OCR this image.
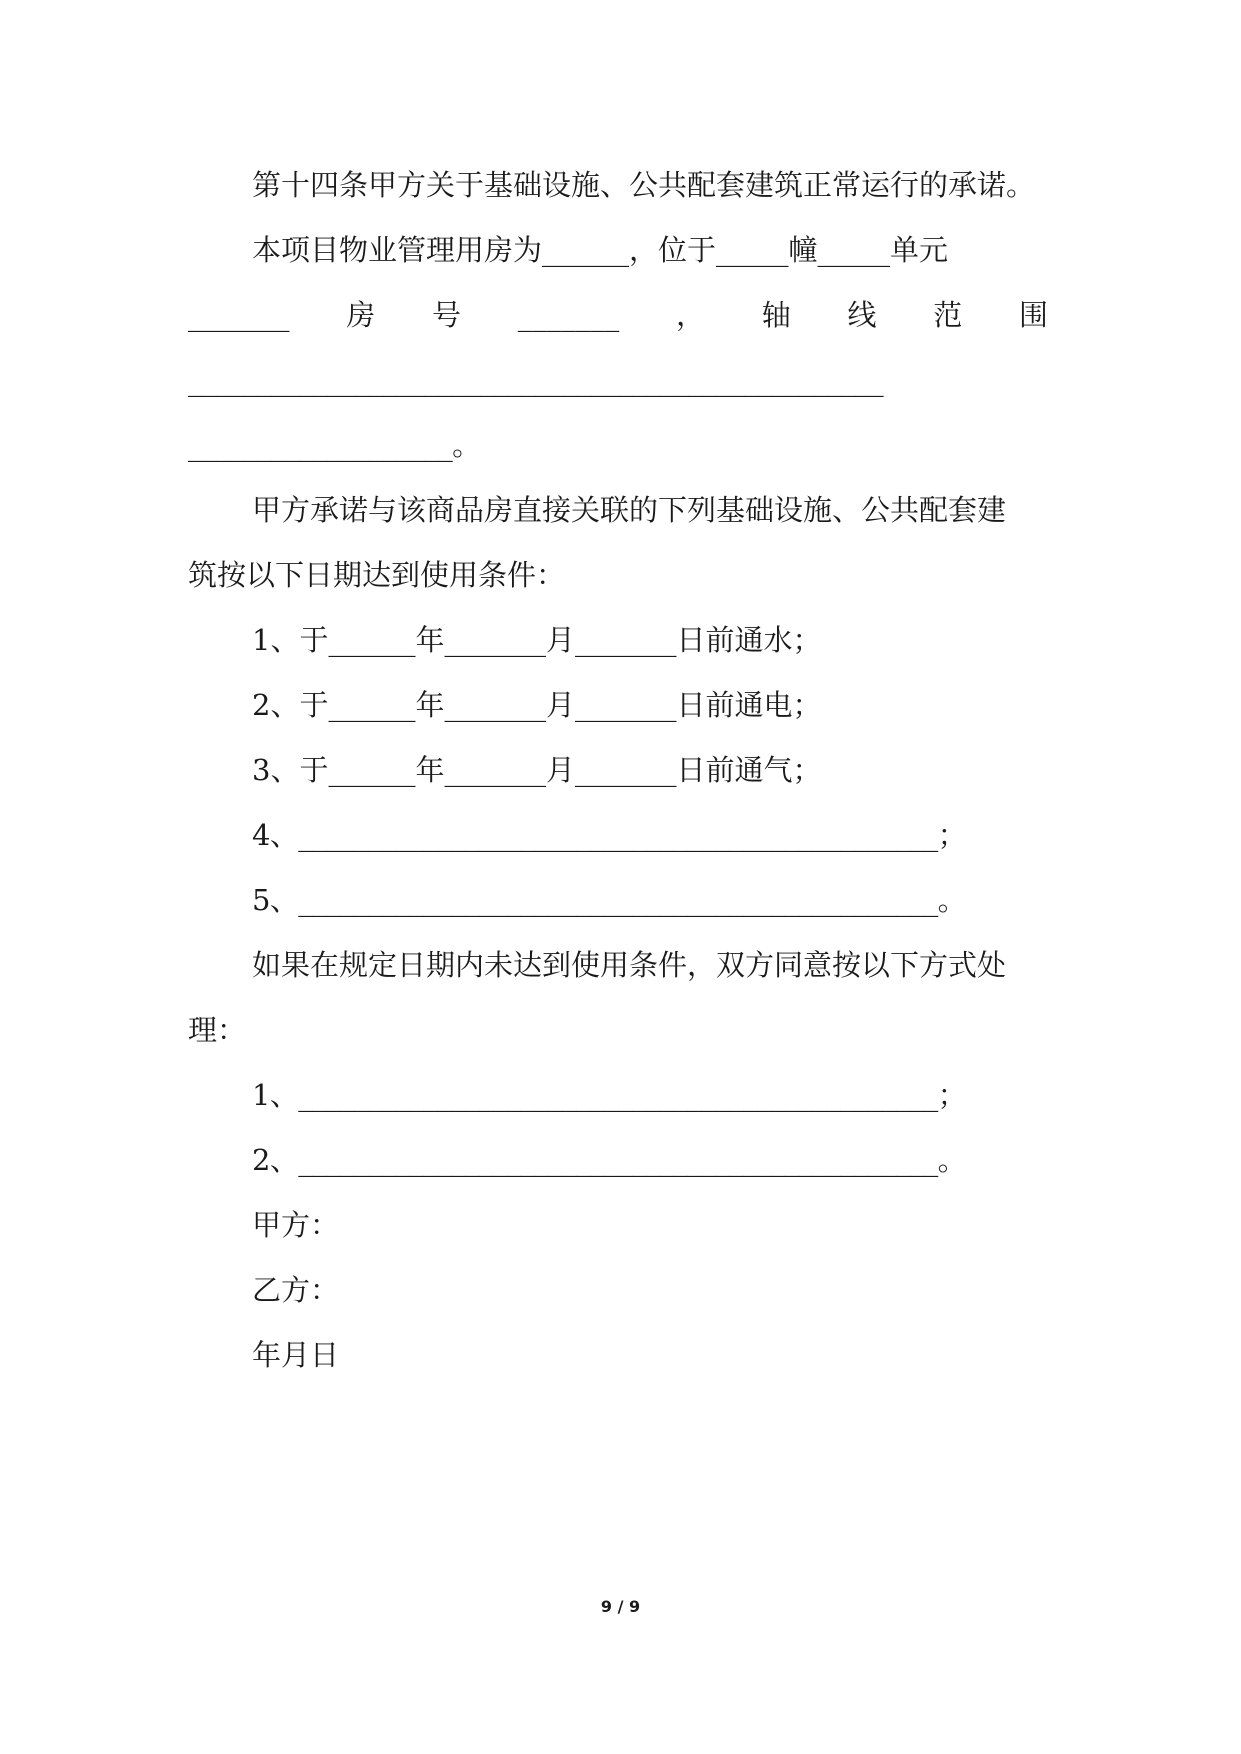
第十四条甲方关于基础设施、公共配套建筑正常运行的承诺。
本项目物业管理用房为______，位于_____幢_____单元
_______ 房 号 _______ ， 轴 线 范 围
__________________________________________________
___________________。
甲方承诺与该商品房直接关联的下列基础设施、公共配套建
筑按以下日期达到使用条件：
1、于______年_______月_______日前通水；
2、于______年_______月_______日前通电；
3、于______年_______月_______日前通气；
4、______________________________________________；
5、______________________________________________。
如果在规定日期内未达到使用条件，双方同意按以下方式处
理：
1、______________________________________________；
2、______________________________________________。
甲方：
乙方：
年月日
9 / 9
